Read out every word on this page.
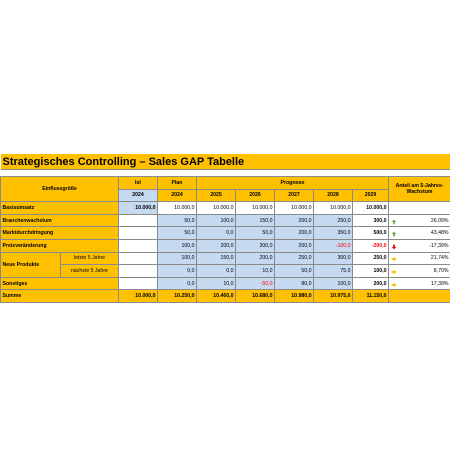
Strategisches Controlling – Sales GAP Tabelle									

Einflussgröße		Ist	Plan	Prognose					Anteil am 5-Jahres-Wachstum
		2024	2024	2025	2026	2027	2028	2029	
Basisumsatz		10.000,0	10.000,0	10.000,0	10.000,0	10.000,0	10.000,0	10.000,0	
Branchenwachstum			50,0	100,0	150,0	200,0	250,0	300,0	26,09%
Marktdurchdringung			50,0	0,0	50,0	200,0	350,0	500,0	43,48%
Preisveränderung			100,0	200,0	300,0	200,0	-100,0	-200,0	-17,39%
Neue Produkte	letzte 5 Jahre		100,0	150,0	200,0	250,0	300,0	250,0	21,74%
	nächste 5 Jahre		0,0	0,0	10,0	50,0	75,0	100,0	8,70%
Sonstiges			0,0	10,0	-50,0	80,0	100,0	200,0	17,39%
Summe		10.000,0	10.250,0	10.460,0	10.680,0	10.980,0	10.975,0	11.150,0	
